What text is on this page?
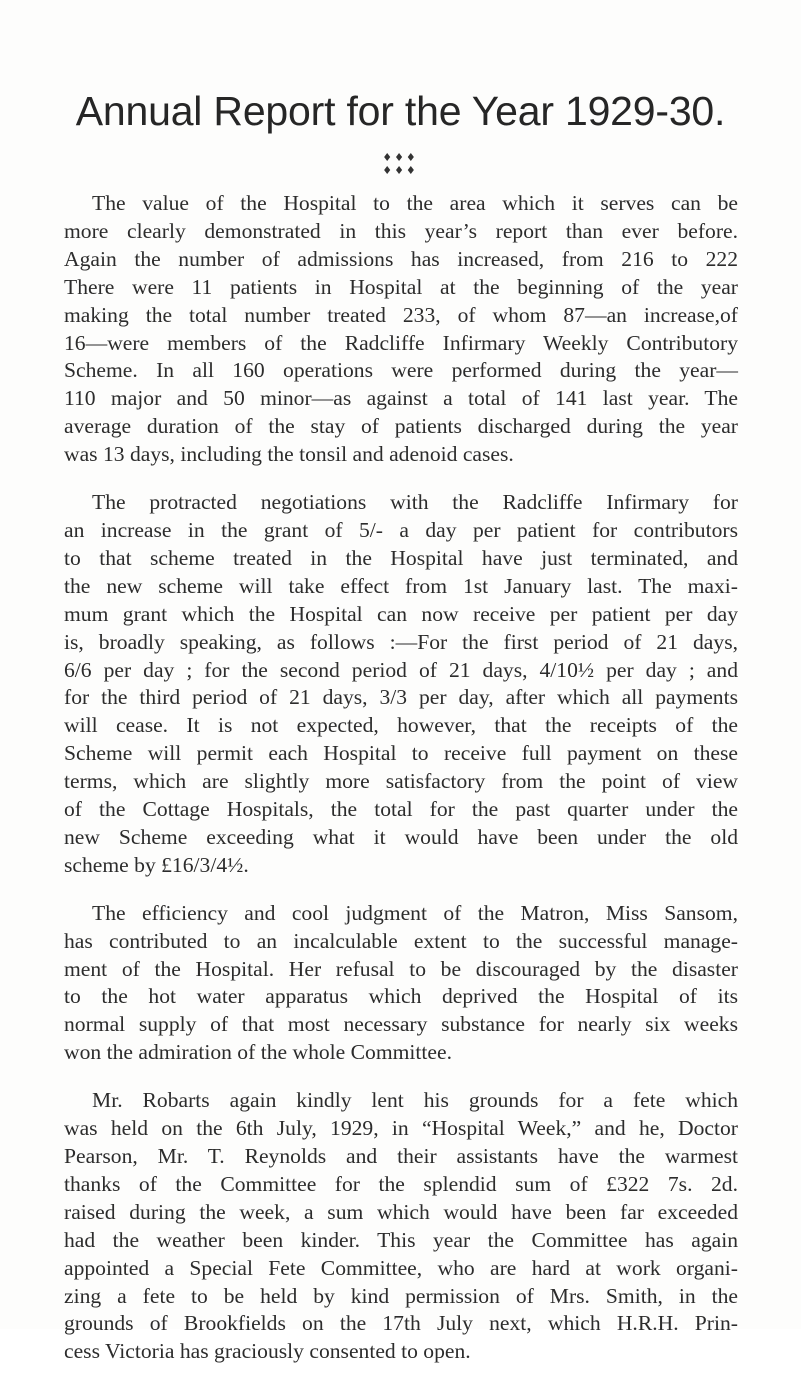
Annual Report for the Year 1929-30.
♦♦♦
♦♦♦

The value of the Hospital to the area which it serves can be
more clearly demonstrated in this year’s report than ever before.
Again the number of admissions has increased, from 216 to 222
There were 11 patients in Hospital at the beginning of the year
making the total number treated 233, of whom 87—an increase,of
16—were members of the Radcliffe Infirmary Weekly Contributory
Scheme. In all 160 operations were performed during the year—
110 major and 50 minor—as against a total of 141 last year. The
average duration of the stay of patients discharged during the year
was 13 days, including the tonsil and adenoid cases.

The protracted negotiations with the Radcliffe Infirmary for
an increase in the grant of 5/- a day per patient for contributors
to that scheme treated in the Hospital have just terminated, and
the new scheme will take effect from 1st January last. The maxi-
mum grant which the Hospital can now receive per patient per day
is, broadly speaking, as follows :—For the first period of 21 days,
6/6 per day ; for the second period of 21 days, 4/10½ per day ; and
for the third period of 21 days, 3/3 per day, after which all payments
will cease. It is not expected, however, that the receipts of the
Scheme will permit each Hospital to receive full payment on these
terms, which are slightly more satisfactory from the point of view
of the Cottage Hospitals, the total for the past quarter under the
new Scheme exceeding what it would have been under the old
scheme by £16/3/4½.

The efficiency and cool judgment of the Matron, Miss Sansom,
has contributed to an incalculable extent to the successful manage-
ment of the Hospital. Her refusal to be discouraged by the disaster
to the hot water apparatus which deprived the Hospital of its
normal supply of that most necessary substance for nearly six weeks
won the admiration of the whole Committee.

Mr. Robarts again kindly lent his grounds for a fete which
was held on the 6th July, 1929, in “Hospital Week,” and he, Doctor
Pearson, Mr. T. Reynolds and their assistants have the warmest
thanks of the Committee for the splendid sum of £322 7s. 2d.
raised during the week, a sum which would have been far exceeded
had the weather been kinder. This year the Committee has again
appointed a Special Fete Committee, who are hard at work organi-
zing a fete to be held by kind permission of Mrs. Smith, in the
grounds of Brookfields on the 17th July next, which H.R.H. Prin-
cess Victoria has graciously consented to open.
